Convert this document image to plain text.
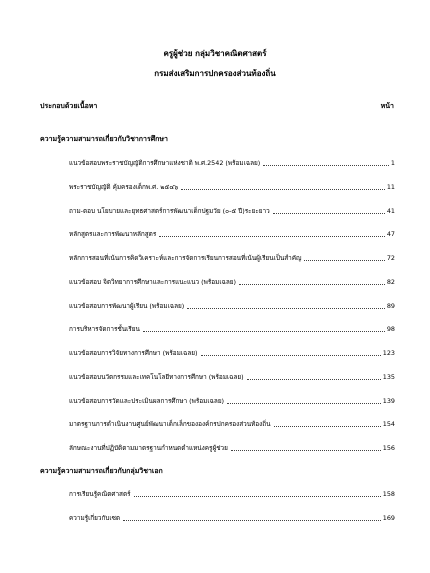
ครูผู้ช่วย กลุ่มวิชาคณิตศาสตร์
กรมส่งเสริมการปกครองส่วนท้องถิ่น
ประกอบด้วยเนื้อหา	หน้า
ความรู้ความสามารถเกี่ยวกับวิชาการศึกษา
ความรู้ความสามารถเกี่ยวกับกลุ่มวิชาเอก
แนวข้อสอบพระราชบัญญัติการศึกษาแห่งชาติ พ.ศ.2542 (พร้อมเฉลย)	1
พระราชบัญญัติ คุ้มครองเด็กพ.ศ. ๒๕๔๖	11
ถาม-ตอบ นโยบายและยุทธศาสตร์การพัฒนาเด็กปฐมวัย (๐-๕ ปี)ระยะยาว	41
หลักสูตรและการพัฒนาหลักสูตร	47
หลักการสอนที่เน้นการคิดวิเคราะห์และการจัดการเรียนการสอนที่เน้นผู้เรียนเป็นสำคัญ	72
แนวข้อสอบ จิตวิทยาการศึกษาและการแนะแนว (พร้อมเฉลย)	82
แนวข้อสอบการพัฒนาผู้เรียน (พร้อมเฉลย)	89
การบริหารจัดการชั้นเรียน	98
แนวข้อสอบการวิจัยทางการศึกษา (พร้อมเฉลย)	123
แนวข้อสอบนวัตกรรมและเทคโนโลยีทางการศึกษา (พร้อมเฉลย)	135
แนวข้อสอบการวัดและประเมินผลการศึกษา (พร้อมเฉลย)	139
มาตรฐานการดำเนินงานศูนย์พัฒนาเด็กเล็กขององค์กรปกครองส่วนท้องถิ่น	154
ลักษณะงานที่ปฏิบัติตามมาตรฐานกำหนดตำแหน่งครูผู้ช่วย	156
การเรียนรู้คณิตศาสตร์	158
ความรู้เกี่ยวกับเซต	169
